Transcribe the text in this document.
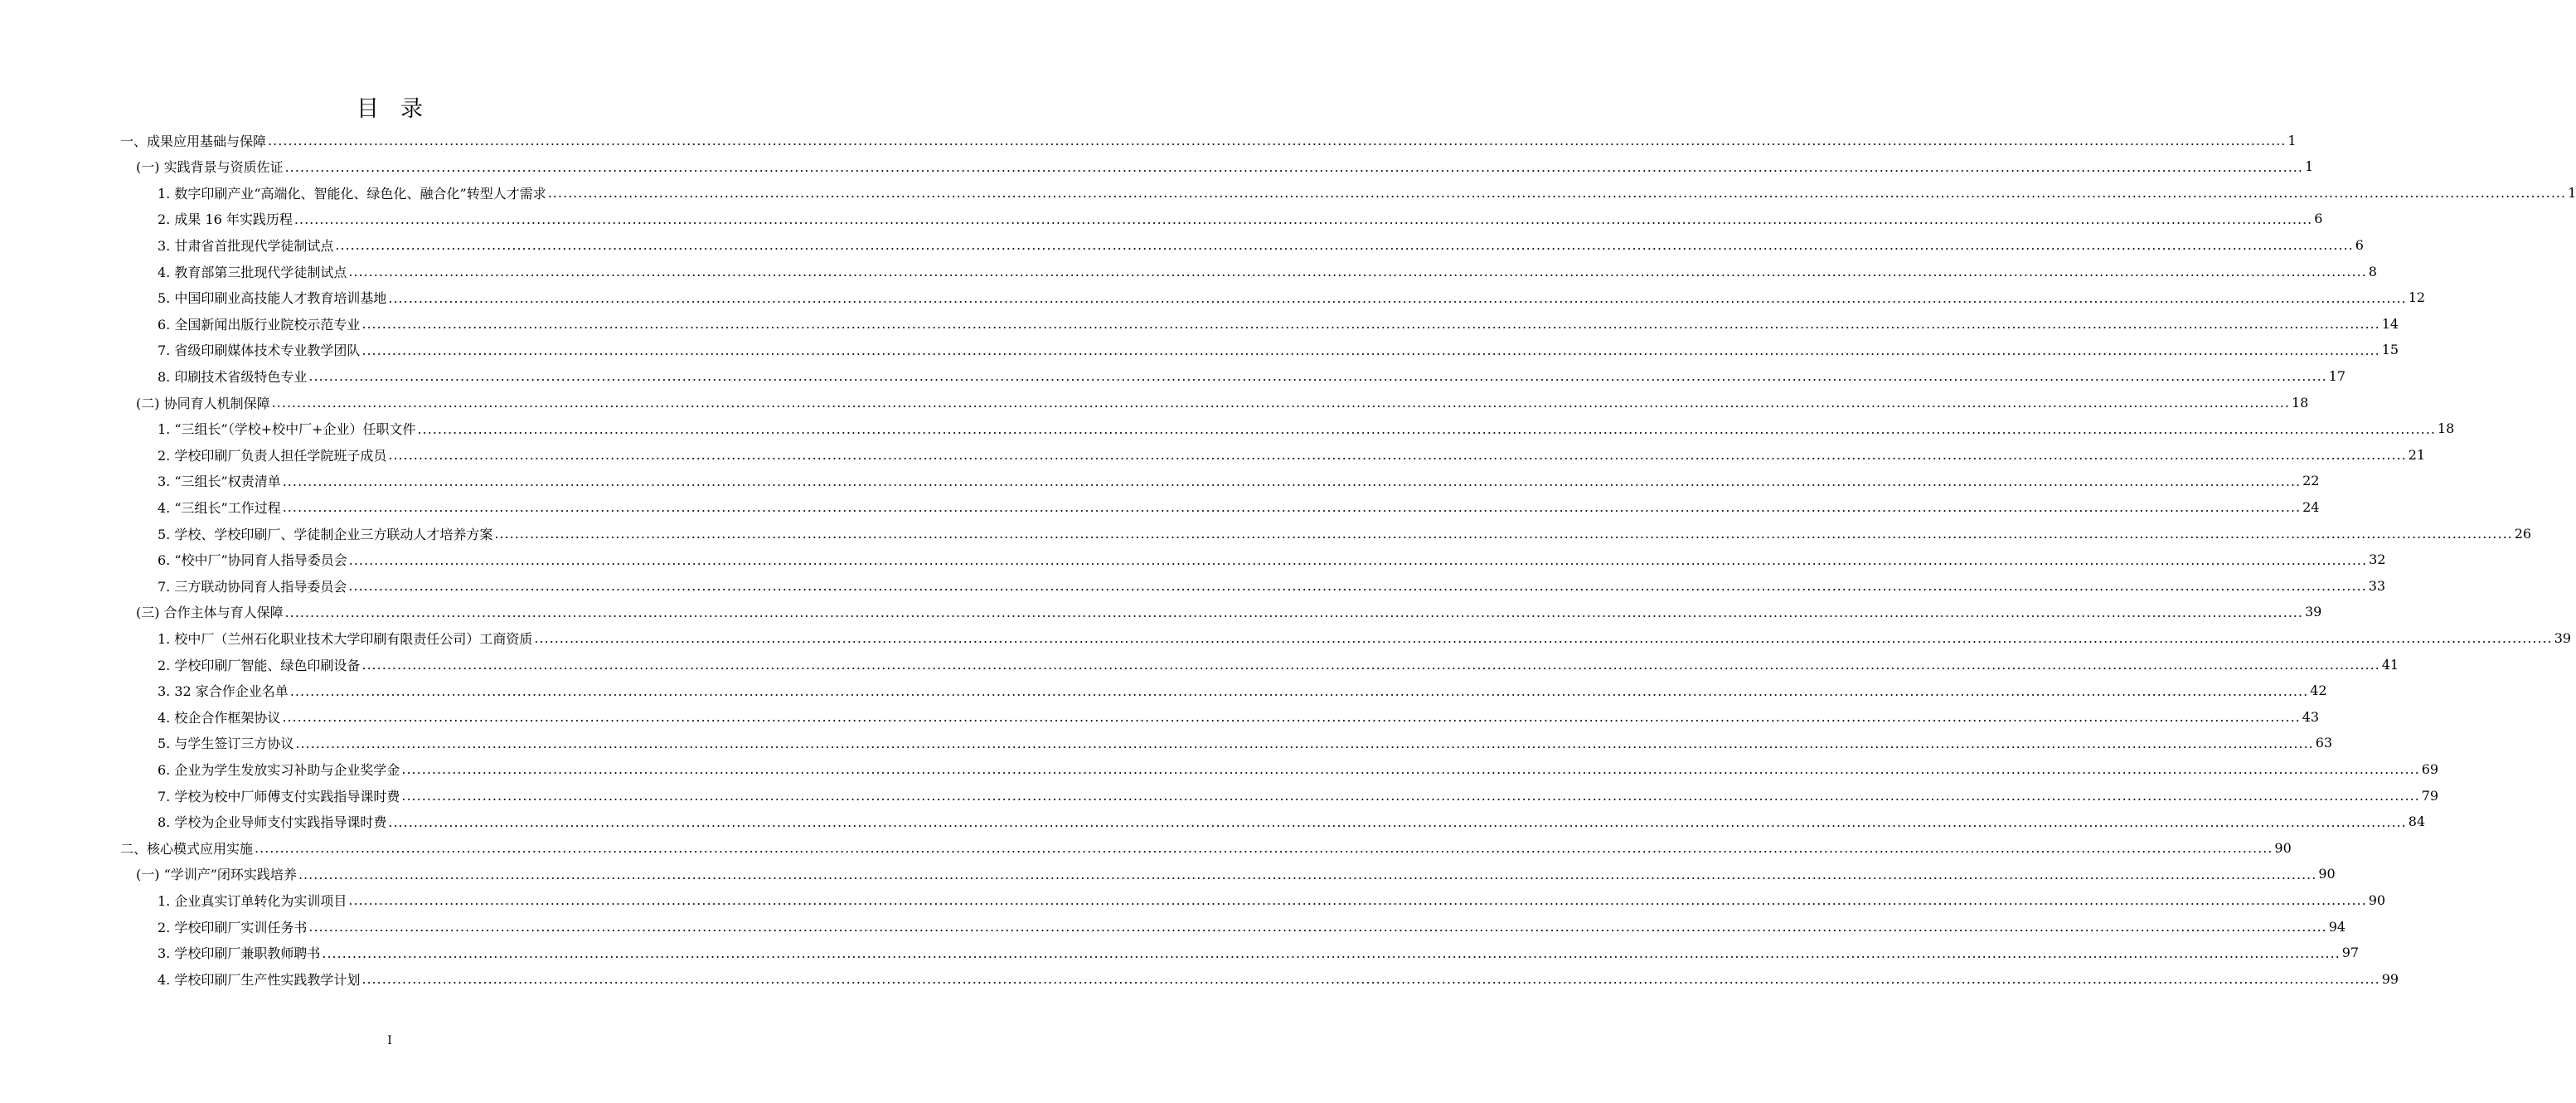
目录
一、成果应用基础与保障 ................................................................................................................................................................................................................................................................................................................................................................................................................ 1
(一) 实践背景与资质佐证 ................................................................................................................................................................................................................................................................................................................................................................................................................ 1
1. 数字印刷产业“高端化、智能化、绿色化、融合化”转型人才需求 ................................................................................................................................................................................................................................................................................................................................................................................................................ 1
2. 成果 16 年实践历程 ................................................................................................................................................................................................................................................................................................................................................................................................................ 6
3. 甘肃省首批现代学徒制试点 ................................................................................................................................................................................................................................................................................................................................................................................................................ 6
4. 教育部第三批现代学徒制试点 ................................................................................................................................................................................................................................................................................................................................................................................................................ 8
5. 中国印刷业高技能人才教育培训基地 ................................................................................................................................................................................................................................................................................................................................................................................................................ 12
6. 全国新闻出版行业院校示范专业 ................................................................................................................................................................................................................................................................................................................................................................................................................ 14
7. 省级印刷媒体技术专业教学团队 ................................................................................................................................................................................................................................................................................................................................................................................................................ 15
8. 印刷技术省级特色专业 ................................................................................................................................................................................................................................................................................................................................................................................................................ 17
(二) 协同育人机制保障 ................................................................................................................................................................................................................................................................................................................................................................................................................ 18
1. “三组长”（学校+校中厂+企业）任职文件 ................................................................................................................................................................................................................................................................................................................................................................................................................ 18
2. 学校印刷厂负责人担任学院班子成员 ................................................................................................................................................................................................................................................................................................................................................................................................................ 21
3. “三组长”权责清单 ................................................................................................................................................................................................................................................................................................................................................................................................................ 22
4. “三组长”工作过程 ................................................................................................................................................................................................................................................................................................................................................................................................................ 24
5. 学校、学校印刷厂、学徒制企业三方联动人才培养方案 ................................................................................................................................................................................................................................................................................................................................................................................................................ 26
6. “校中厂”协同育人指导委员会 ................................................................................................................................................................................................................................................................................................................................................................................................................ 32
7. 三方联动协同育人指导委员会 ................................................................................................................................................................................................................................................................................................................................................................................................................ 33
(三) 合作主体与育人保障 ................................................................................................................................................................................................................................................................................................................................................................................................................ 39
1. 校中厂（兰州石化职业技术大学印刷有限责任公司）工商资质 ................................................................................................................................................................................................................................................................................................................................................................................................................ 39
2. 学校印刷厂智能、绿色印刷设备 ................................................................................................................................................................................................................................................................................................................................................................................................................ 41
3. 32 家合作企业名单 ................................................................................................................................................................................................................................................................................................................................................................................................................ 42
4. 校企合作框架协议 ................................................................................................................................................................................................................................................................................................................................................................................................................ 43
5. 与学生签订三方协议 ................................................................................................................................................................................................................................................................................................................................................................................................................ 63
6. 企业为学生发放实习补助与企业奖学金 ................................................................................................................................................................................................................................................................................................................................................................................................................ 69
7. 学校为校中厂师傅支付实践指导课时费 ................................................................................................................................................................................................................................................................................................................................................................................................................ 79
8. 学校为企业导师支付实践指导课时费 ................................................................................................................................................................................................................................................................................................................................................................................................................ 84
二、核心模式应用实施 ................................................................................................................................................................................................................................................................................................................................................................................................................ 90
(一) “学训产”闭环实践培养 ................................................................................................................................................................................................................................................................................................................................................................................................................ 90
1. 企业真实订单转化为实训项目 ................................................................................................................................................................................................................................................................................................................................................................................................................ 90
2. 学校印刷厂实训任务书 ................................................................................................................................................................................................................................................................................................................................................................................................................ 94
3. 学校印刷厂兼职教师聘书 ................................................................................................................................................................................................................................................................................................................................................................................................................ 97
4. 学校印刷厂生产性实践教学计划 ................................................................................................................................................................................................................................................................................................................................................................................................................ 99
I
